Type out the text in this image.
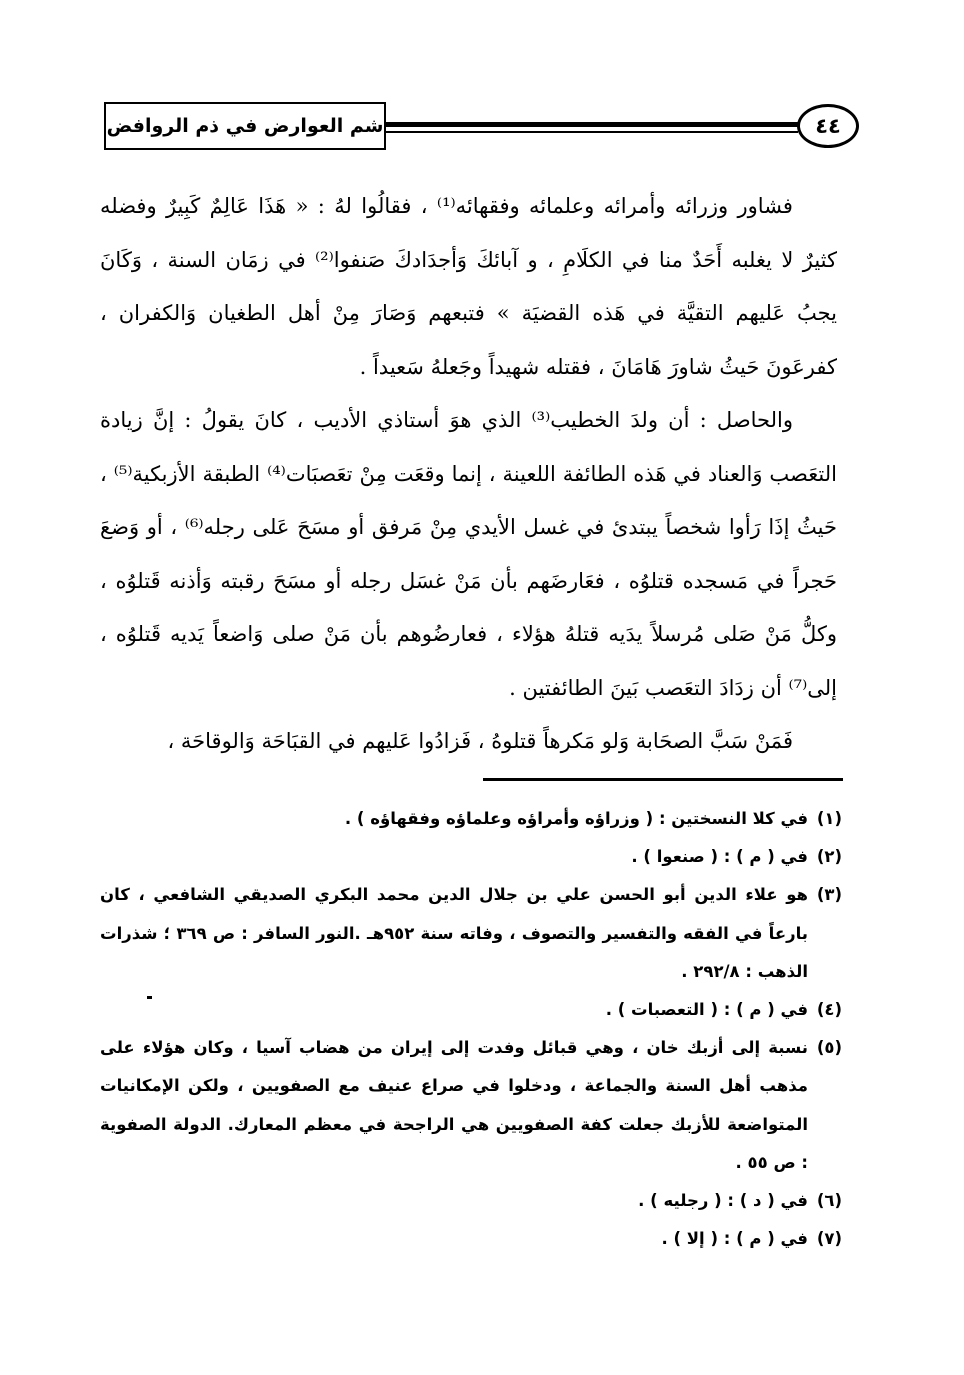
شم العوارض في ذم الروافض	٤٤

فشاور وزرائه وأمرائه وعلمائه وفقهائه⁽¹⁾ ، فقالُوا لهُ : « هَذَا عَالِمٌ كَبِيرٌ وفضله كثيرٌ لا يغلبه أَحَدٌ منا في الكلَامِ ، و آبائكَ وَأجدَادكَ صَنفوا⁽²⁾ في زمَان السنة ، وَكَانَ يجبُ عَليهم التقيَّة في هَذه القضيَة » فتبعهم وَصَارَ مِنْ أهل الطغيان وَالكفران ، كفرعَونَ حَيثُ شاورَ هَامَانَ ، فقتله شهيداً وجَعلهُ سَعيداً .

والحاصل : أن ولدَ الخطيب⁽³⁾ الذي هوَ أستاذي الأديب ، كانَ يقولُ : إنَّ زيادة التعَصب وَالعناد في هَذه الطائفة اللعينة ، إنما وقعَت مِنْ تعَصبَات⁽⁴⁾ الطبقة الأزبكية⁽⁵⁾ ، حَيثُ إذَا رَأوا شخصاً يبتدئ في غسل الأيدي مِنْ مَرفق أو مسَحَ عَلى رجله⁽⁶⁾ ، أو وَضعَ حَجراً في مَسجده قتلوُه ، فعَارضَهم بأن مَنْ غسَل رجله أو مسَحَ رقبته وَأذنه قَتلوُه ، وكلُّ مَنْ صَلى مُرسلاً يدَيه قتلهُ هؤلاء ، فعارضُوهم بأن مَنْ صلى وَاضعاً يَديه قَتلوُه ، إلى⁽⁷⁾ أن زدَادَ التعَصب بَينَ الطائفتين .

فَمَنْ سَبَّ الصحَابة وَلو مَكرهاً قتلوهُ ، فَزادُوا عَليهم في القبَاحَة وَالوقاحَة ،

(١)
في كلا النسختين : ( وزراؤه وأمراؤه وعلماؤه وفقهاؤه ) .
(٢)
في ( م ) : ( صنعوا ) .
(٣)
هو علاء الدين أبو الحسن علي بن جلال الدين محمد البكري الصديقي الشافعي ، كان بارعاً في الفقه والتفسير والتصوف ، وفاته سنة ٩٥٢هـ .النور السافر : ص ٣٦٩ ؛ شذرات الذهب : ٢٩٢/٨ .
(٤)
في ( م ) : ( التعصبات ) .
(٥)
نسبة إلى أزبك خان ، وهي قبائل وفدت إلى إيران من هضاب آسيا ، وكان هؤلاء على مذهب أهل السنة والجماعة ، ودخلوا في صراع عنيف مع الصفويين ، ولكن الإمكانيات المتواضعة للأزبك جعلت كفة الصفويين هي الراجحة في معظم المعارك. الدولة الصفوية : ص ٥٥ .
(٦)
في ( د ) : ( رجليه ) .
(٧)
في ( م ) : ( إلا ) .
